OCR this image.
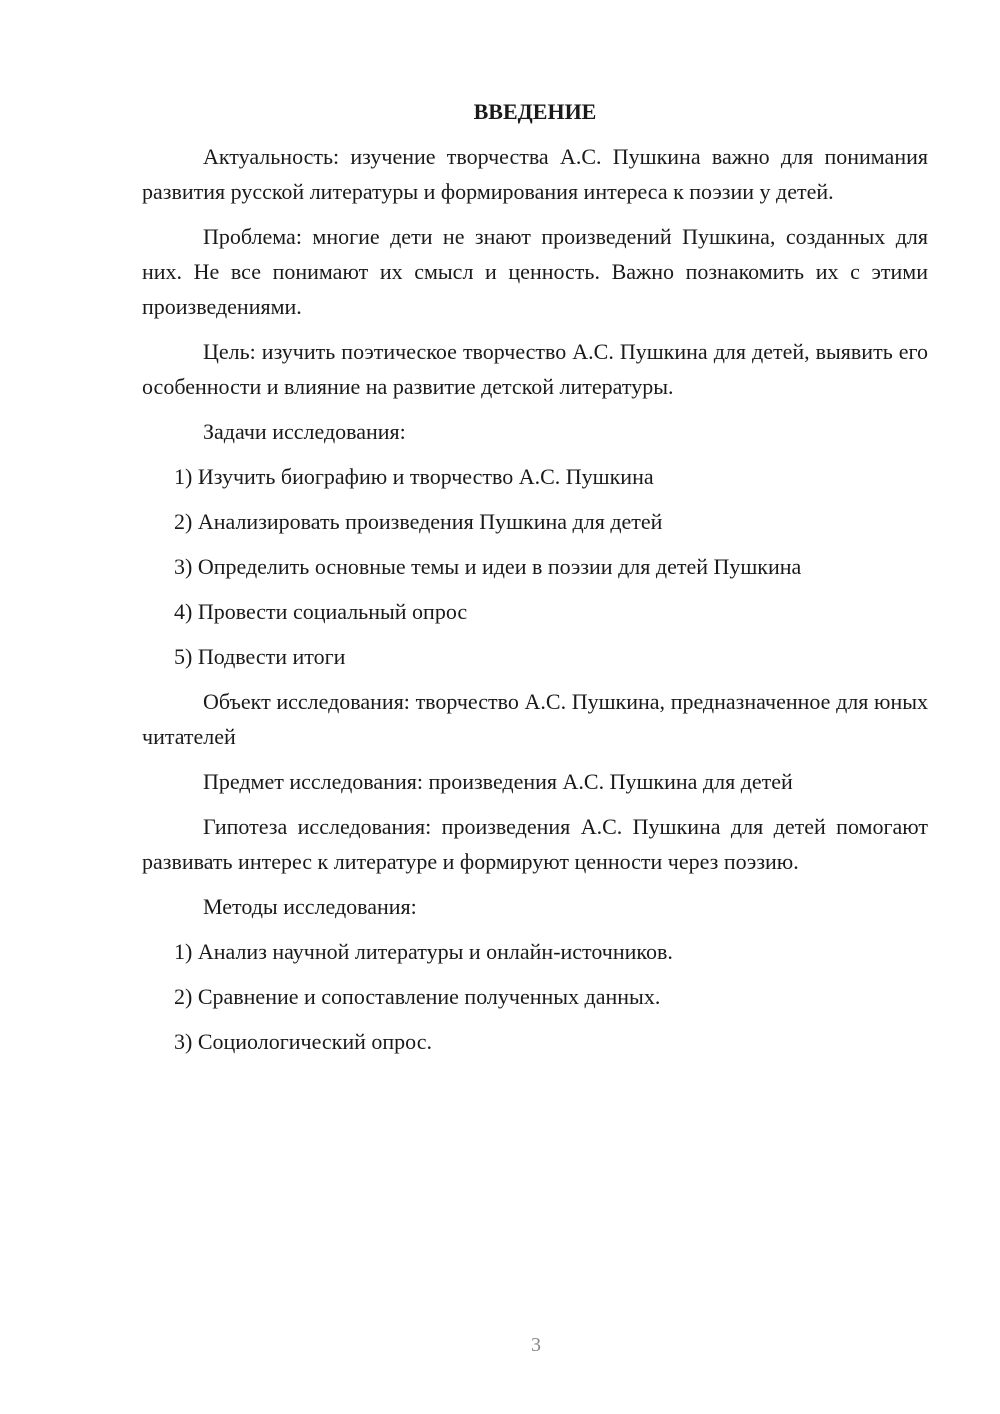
ВВЕДЕНИЕ

Актуальность: изучение творчества А.С. Пушкина важно для понимания развития русской литературы и формирования интереса к поэзии у детей.

Проблема: многие дети не знают произведений Пушкина, созданных для них. Не все понимают их смысл и ценность. Важно познакомить их с этими произведениями.

Цель: изучить поэтическое творчество А.С. Пушкина для детей, выявить его особенности и влияние на развитие детской литературы.

Задачи исследования:

1) Изучить биографию и творчество А.С. Пушкина

2) Анализировать произведения Пушкина для детей

3) Определить основные темы и идеи в поэзии для детей Пушкина

4) Провести социальный опрос

5) Подвести итоги

Объект исследования: творчество А.С. Пушкина, предназначенное для юных читателей

Предмет исследования: произведения А.С. Пушкина для детей

Гипотеза исследования: произведения А.С. Пушкина для детей помогают развивать интерес к литературе и формируют ценности через поэзию.

Методы исследования:

1) Анализ научной литературы и онлайн-источников.

2) Сравнение и сопоставление полученных данных.

3) Социологический опрос.

3
